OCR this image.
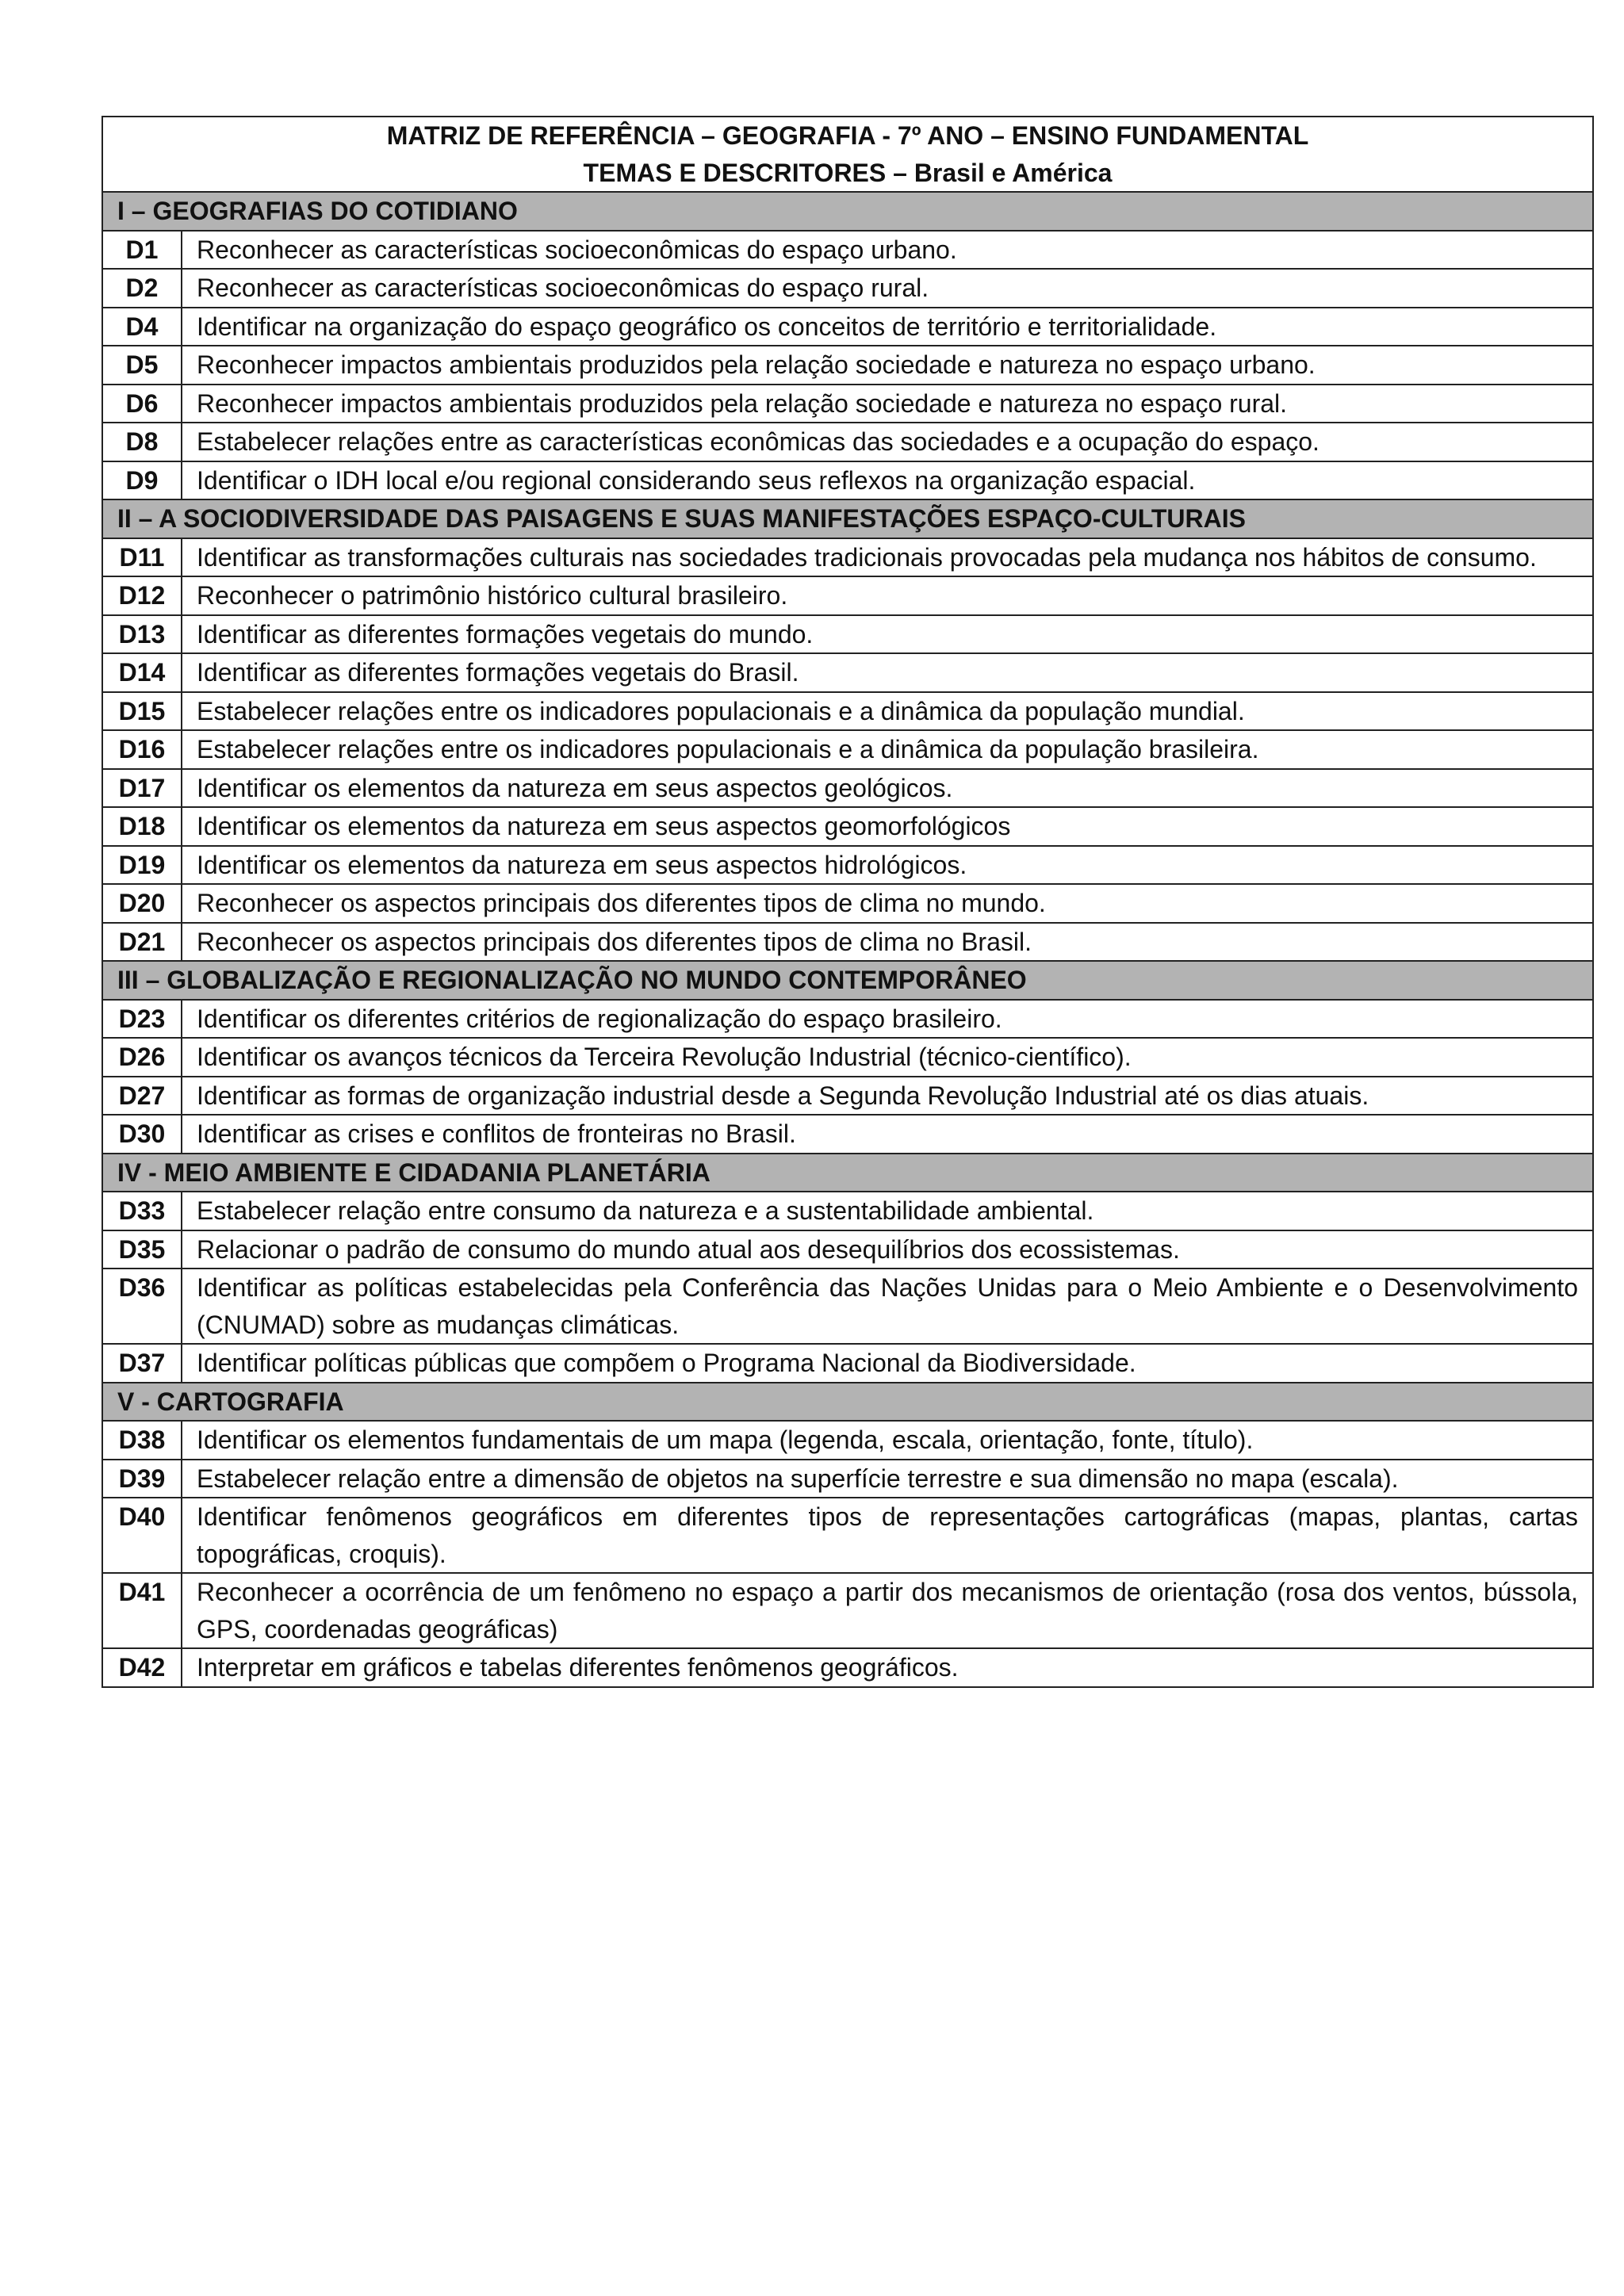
MATRIZ DE REFERÊNCIA – GEOGRAFIA - 7º ANO – ENSINO FUNDAMENTAL
TEMAS E DESCRITORES – Brasil e América	

I – GEOGRAFIAS DO COTIDIANO	
D1	Reconhecer as características socioeconômicas do espaço urbano.
D2	Reconhecer as características socioeconômicas do espaço rural.
D4	Identificar na organização do espaço geográfico os conceitos de território e territorialidade.
D5	Reconhecer impactos ambientais produzidos pela relação sociedade e natureza no espaço urbano.
D6	Reconhecer impactos ambientais produzidos pela relação sociedade e natureza no espaço rural.
D8	Estabelecer relações entre as características econômicas das sociedades e a ocupação do espaço.
D9	Identificar o IDH local e/ou regional considerando seus reflexos na organização espacial.
II – A SOCIODIVERSIDADE DAS PAISAGENS E SUAS MANIFESTAÇÕES ESPAÇO-CULTURAIS	
D11	Identificar as transformações culturais nas sociedades tradicionais provocadas pela mudança nos hábitos de consumo.
D12	Reconhecer o patrimônio histórico cultural brasileiro.
D13	Identificar as diferentes formações vegetais do mundo.
D14	Identificar as diferentes formações vegetais do Brasil.
D15	Estabelecer relações entre os indicadores populacionais e a dinâmica da população mundial.
D16	Estabelecer relações entre os indicadores populacionais e a dinâmica da população brasileira.
D17	Identificar os elementos da natureza em seus aspectos geológicos.
D18	Identificar os elementos da natureza em seus aspectos geomorfológicos
D19	Identificar os elementos da natureza em seus aspectos hidrológicos.
D20	Reconhecer os aspectos principais dos diferentes tipos de clima no mundo.
D21	Reconhecer os aspectos principais dos diferentes tipos de clima no Brasil.
III – GLOBALIZAÇÃO E REGIONALIZAÇÃO NO MUNDO CONTEMPORÂNEO	
D23	Identificar os diferentes critérios de regionalização do espaço brasileiro.
D26	Identificar os avanços técnicos da Terceira Revolução Industrial (técnico-científico).
D27	Identificar as formas de organização industrial desde a Segunda Revolução Industrial até os dias atuais.
D30	Identificar as crises e conflitos de fronteiras no Brasil.
IV - MEIO AMBIENTE E CIDADANIA PLANETÁRIA	
D33	Estabelecer relação entre consumo da natureza e a sustentabilidade ambiental.
D35	Relacionar o padrão de consumo do mundo atual aos desequilíbrios dos ecossistemas.
D36	Identificar as políticas estabelecidas pela Conferência das Nações Unidas para o Meio Ambiente e o Desenvolvimento (CNUMAD) sobre as mudanças climáticas.
D37	Identificar políticas públicas que compõem o Programa Nacional da Biodiversidade.
V - CARTOGRAFIA	
D38	Identificar os elementos fundamentais de um mapa (legenda, escala, orientação, fonte, título).
D39	Estabelecer relação entre a dimensão de objetos na superfície terrestre e sua dimensão no mapa (escala).
D40	Identificar fenômenos geográficos em diferentes tipos de representações cartográficas (mapas, plantas, cartas topográficas, croquis).
D41	Reconhecer a ocorrência de um fenômeno no espaço a partir dos mecanismos de orientação (rosa dos ventos, bússola, GPS, coordenadas geográficas)
D42	Interpretar em gráficos e tabelas diferentes fenômenos geográficos.
